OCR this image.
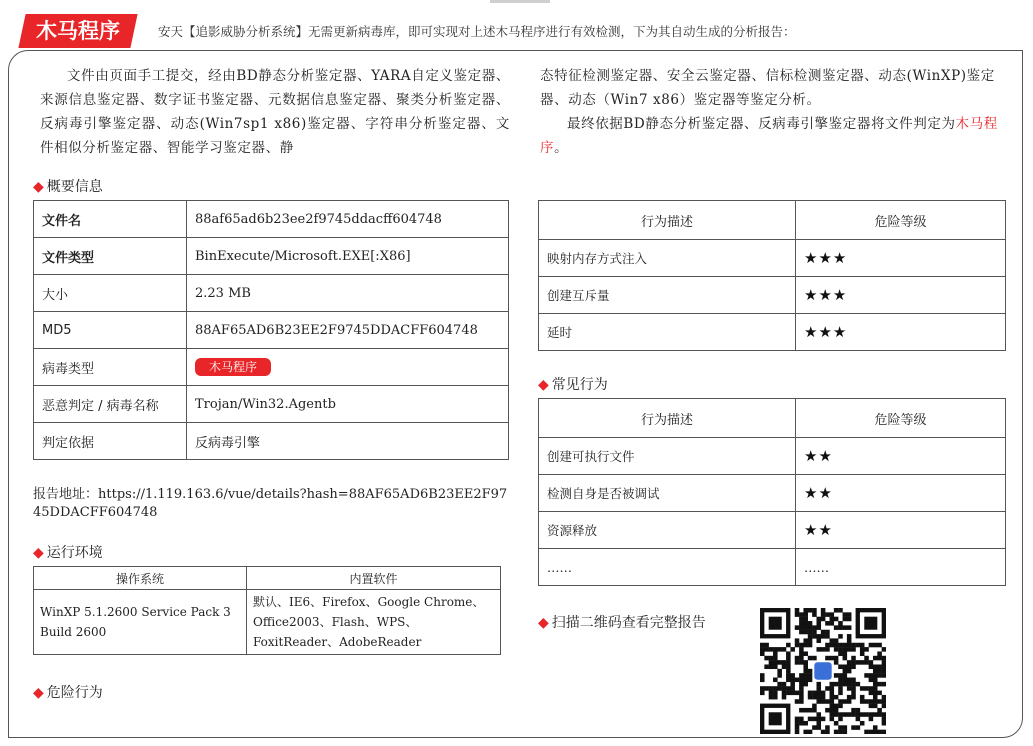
木马程序	安天【追影威胁分析系统】无需更新病毒库，即可实现对上述木马程序进行有效检测，下为其自动生成的分析报告：
文件由页面手工提交，经由BD静态分析鉴定器、YARA自定义鉴定器、来源信息鉴定器、数字证书鉴定器、元数据信息鉴定器、聚类分析鉴定器、反病毒引擎鉴定器、动态(Win7sp1 x86)鉴定器、字符串分析鉴定器、文件相似分析鉴定器、智能学习鉴定器、静

态特征检测鉴定器、安全云鉴定器、信标检测鉴定器、动态(WinXP)鉴定器、动态（Win7 x86）鉴定器等鉴定分析。

最终依据BD静态分析鉴定器、反病毒引擎鉴定器将文件判定为木马程序。

◆ 概要信息
文件名	88af65ad6b23ee2f9745ddacff604748
文件类型	BinExecute/Microsoft.EXE[:X86]
大小	2.23 MB
MD5	88AF65AD6B23EE2F9745DDACFF604748
病毒类型	木马程序
恶意判定 / 病毒名称	Trojan/Win32.Agentb
判定依据	反病毒引擎
报告地址：https://1.119.163.6/vue/details?hash=88AF65AD6B23EE2F9745DDACFF604748
◆ 运行环境
操作系统	内置软件
WinXP 5.1.2600 Service Pack 3 Build 2600	默认、IE6、Firefox、Google Chrome、Office2003、Flash、WPS、FoxitReader、AdobeReader
◆ 危险行为
行为描述	危险等级
映射内存方式注入	★★★
创建互斥量	★★★
延时	★★★
◆ 常见行为
行为描述	危险等级
创建可执行文件	★★
检测自身是否被调试	★★
资源释放	★★
……	……
◆ 扫描二维码查看完整报告
